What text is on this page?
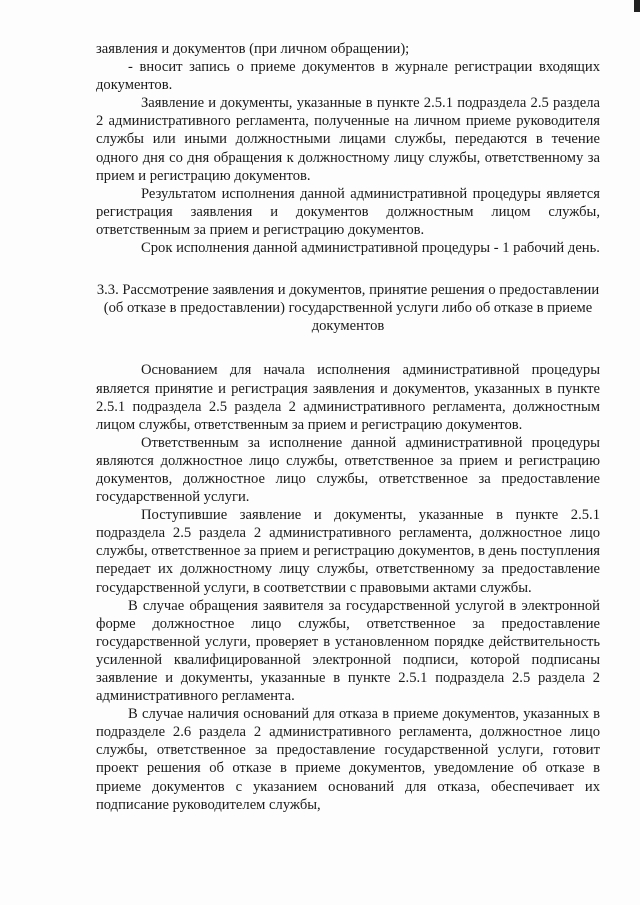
заявления и документов (при личном обращении);

- вносит запись о приеме документов в журнале регистрации входящих документов.

Заявление и документы, указанные в пункте 2.5.1 подраздела 2.5 раздела 2 административного регламента, полученные на личном приеме руководителя службы или иными должностными лицами службы, передаются в течение одного дня со дня обращения к должностному лицу службы, ответственному за прием и регистрацию документов.

Результатом исполнения данной административной процедуры является регистрация заявления и документов должностным лицом службы, ответственным за прием и регистрацию документов.

Срок исполнения данной административной процедуры - 1 рабочий день.

3.3. Рассмотрение заявления и документов, принятие решения о предоставлении (об отказе в предоставлении) государственной услуги либо об отказе в приеме документов

Основанием для начала исполнения административной процедуры является принятие и регистрация заявления и документов, указанных в пункте 2.5.1 подраздела 2.5 раздела 2 административного регламента, должностным лицом службы, ответственным за прием и регистрацию документов.

Ответственным за исполнение данной административной процедуры являются должностное лицо службы, ответственное за прием и регистрацию документов, должностное лицо службы, ответственное за предоставление государственной услуги.

Поступившие заявление и документы, указанные в пункте 2.5.1 подраздела 2.5 раздела 2 административного регламента, должностное лицо службы, ответственное за прием и регистрацию документов, в день поступления передает их должностному лицу службы, ответственному за предоставление государственной услуги, в соответствии с правовыми актами службы.

В случае обращения заявителя за государственной услугой в электронной форме должностное лицо службы, ответственное за предоставление государственной услуги, проверяет в установленном порядке действительность усиленной квалифицированной электронной подписи, которой подписаны заявление и документы, указанные в пункте 2.5.1 подраздела 2.5 раздела 2 административного регламента.

В случае наличия оснований для отказа в приеме документов, указанных в подразделе 2.6 раздела 2 административного регламента, должностное лицо службы, ответственное за предоставление государственной услуги, готовит проект решения об отказе в приеме документов, уведомление об отказе в приеме документов с указанием оснований для отказа, обеспечивает их подписание руководителем службы,
